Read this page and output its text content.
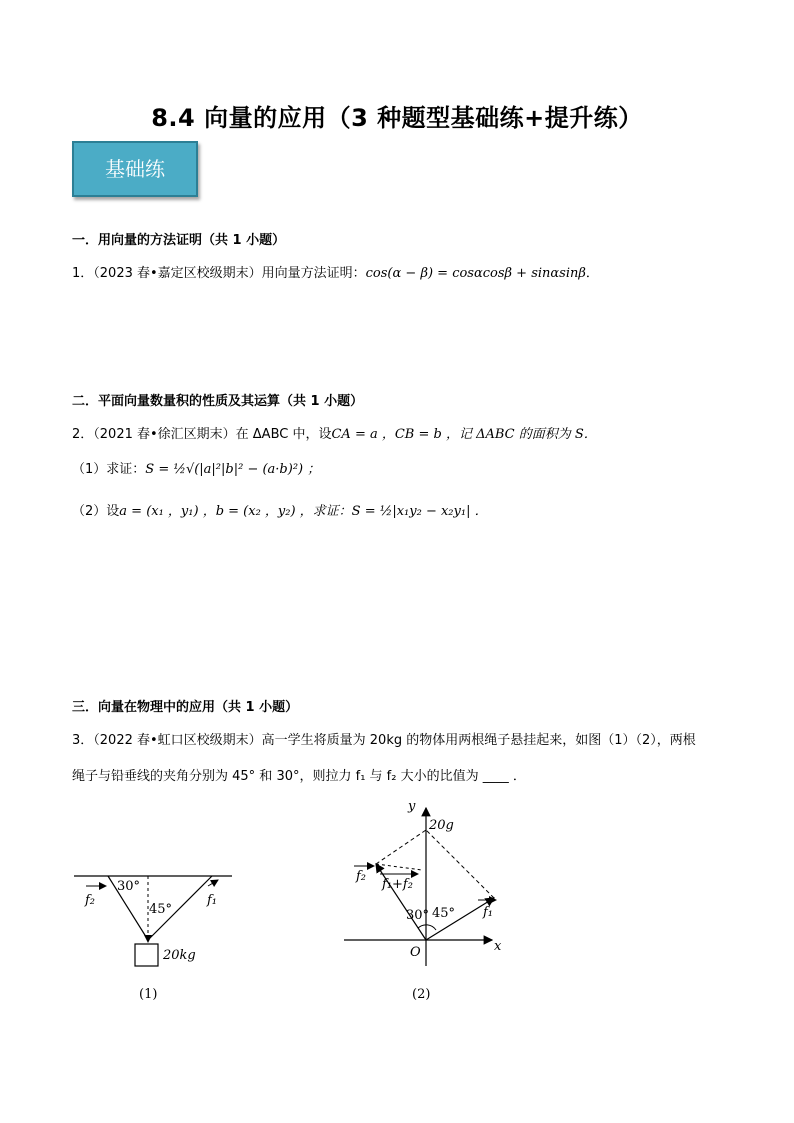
8.4 向量的应用（3 种题型基础练+提升练）
基础练
一．用向量的方法证明（共 1 小题）
1．（2023 春•嘉定区校级期末）用向量方法证明：cos(α − β) = cosαcosβ + sinαsinβ．
二．平面向量数量积的性质及其运算（共 1 小题）
2．（2021 春•徐汇区期末）在 ΔABC 中，设CA = a ，CB = b ，记 ΔABC 的面积为 S．
（1）求证：S = ½√(|a|²|b|² − (a·b)²) ；
（2）设a = (x₁ ，y₁) ，b = (x₂ ，y₂) ，求证：S = ½|x₁y₂ − x₂y₁| ．
三．向量在物理中的应用（共 1 小题）
3．（2022 春•虹口区校级期末）高一学生将质量为 20kg 的物体用两根绳子悬挂起来，如图（1）（2），两根
绳子与铅垂线的夹角分别为 45° 和 30°，则拉力 f₁ 与 f₂ 大小的比值为 ____ ．
30°
45°
f₂	f₁
20kg
(1)
y
x
O
20g
f₂
f₁+f₂
f₁
30° 45°
(2)
